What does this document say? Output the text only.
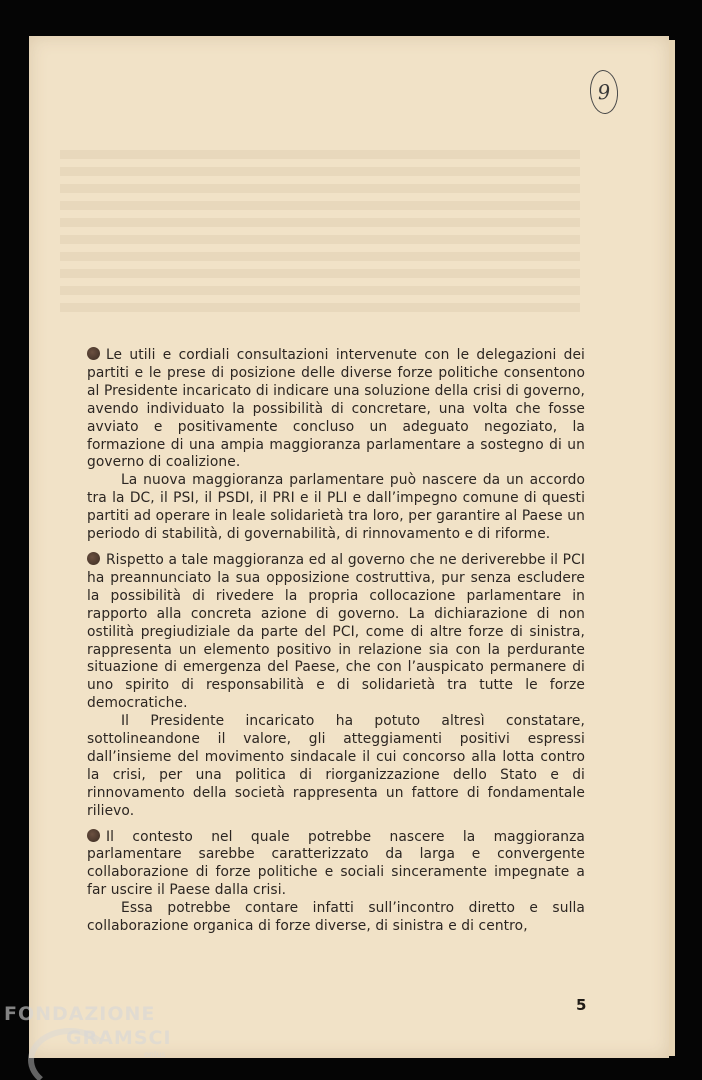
9

Le utili e cordiali consultazioni intervenute con le delegazioni dei partiti e le prese di posizione delle diverse forze politiche consentono al Presidente incaricato di indicare una soluzione della crisi di governo, avendo individuato la possibilità di concretare, una volta che fosse avviato e positivamente concluso un adeguato negoziato, la formazione di una ampia maggioranza parlamentare a sostegno di un governo di coalizione.

La nuova maggioranza parlamentare può nascere da un accordo tra la DC, il PSI, il PSDI, il PRI e il PLI e dall’impegno comune di questi partiti ad operare in leale solidarietà tra loro, per garantire al Paese un periodo di stabilità, di governabilità, di rinnovamento e di riforme.

Rispetto a tale maggioranza ed al governo che ne deriverebbe il PCI ha preannunciato la sua opposizione costruttiva, pur senza escludere la possibilità di rivedere la propria collocazione parlamentare in rapporto alla concreta azione di governo. La dichiarazione di non ostilità pregiudiziale da parte del PCI, come di altre forze di sinistra, rappresenta un elemento positivo in relazione sia con la perdurante situazione di emergenza del Paese, che con l’auspicato permanere di uno spirito di responsabilità e di solidarietà tra tutte le forze democratiche.

Il Presidente incaricato ha potuto altresì constatare, sottolineandone il valore, gli atteggiamenti positivi espressi dall’insieme del movimento sindacale il cui concorso alla lotta contro la crisi, per una politica di riorganizzazione dello Stato e di rinnovamento della società rappresenta un fattore di fondamentale rilievo.

Il contesto nel quale potrebbe nascere la maggioranza parlamentare sarebbe caratterizzato da larga e convergente collaborazione di forze politiche e sociali sinceramente impegnate a far uscire il Paese dalla crisi.

Essa potrebbe contare infatti sull’incontro diretto e sulla collaborazione organica di forze diverse, di sinistra e di centro,

5
FONDAZIONE
GRAMSCI
onlus
